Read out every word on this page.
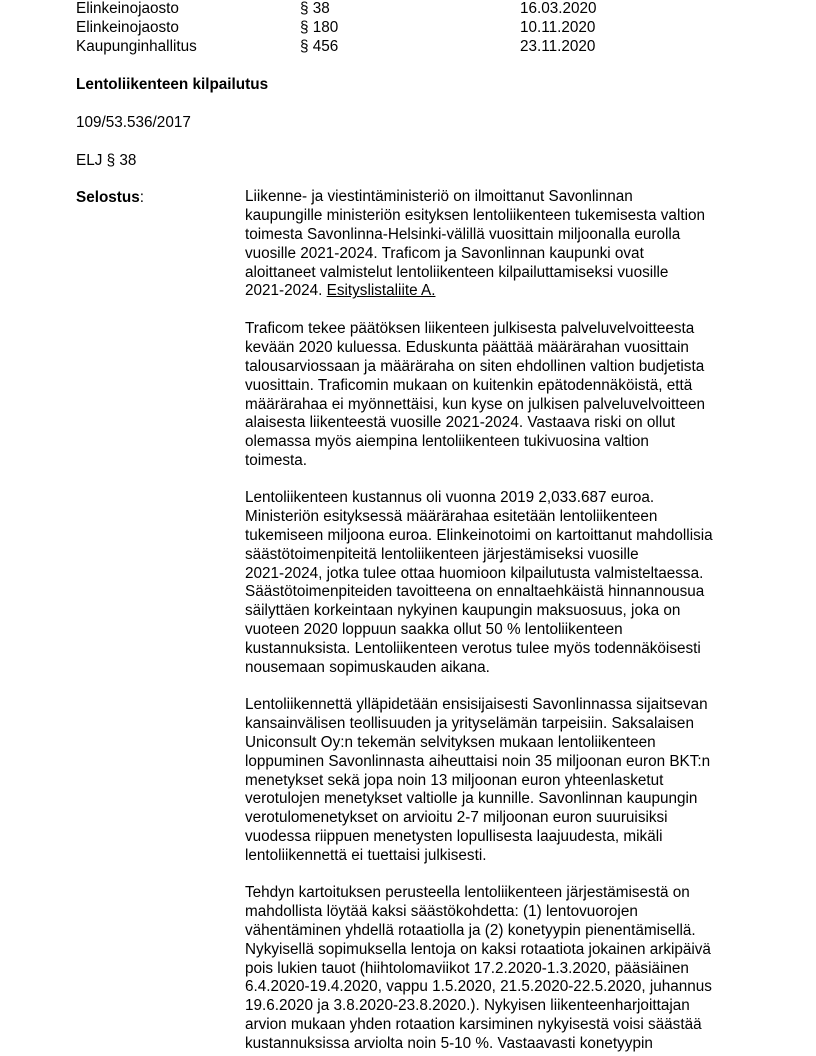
Elinkeinojaosto	§ 38	16.03.2020
Elinkeinojaosto	§ 180	10.11.2020
Kaupunginhallitus	§ 456	23.11.2020
Lentoliikenteen kilpailutus
109/53.536/2017
ELJ § 38
Selostus:	Liikenne- ja viestintäministeriö on ilmoittanut Savonlinnan
kaupungille ministeriön esityksen lentoliikenteen tukemisesta valtion
toimesta Savonlinna-Helsinki-välillä vuosittain miljoonalla eurolla
vuosille 2021-2024. Traficom ja Savonlinnan kaupunki ovat
aloittaneet valmistelut lentoliikenteen kilpailuttamiseksi vuosille
2021-2024. Esityslistaliite A.
Traficom tekee päätöksen liikenteen julkisesta palveluvelvoitteesta
kevään 2020 kuluessa. Eduskunta päättää määrärahan vuosittain
talousarviossaan ja määräraha on siten ehdollinen valtion budjetista
vuosittain. Traficomin mukaan on kuitenkin epätodennäköistä, että
määrärahaa ei myönnettäisi, kun kyse on julkisen palveluvelvoitteen
alaisesta liikenteestä vuosille 2021-2024. Vastaava riski on ollut
olemassa myös aiempina lentoliikenteen tukivuosina valtion
toimesta.
Lentoliikenteen kustannus oli vuonna 2019 2,033.687 euroa.
Ministeriön esityksessä määrärahaa esitetään lentoliikenteen
tukemiseen miljoona euroa. Elinkeinotoimi on kartoittanut mahdollisia
säästötoimenpiteitä lentoliikenteen järjestämiseksi vuosille
2021-2024, jotka tulee ottaa huomioon kilpailutusta valmisteltaessa.
Säästötoimenpiteiden tavoitteena on ennaltaehkäistä hinnannousua
säilyttäen korkeintaan nykyinen kaupungin maksuosuus, joka on
vuoteen 2020 loppuun saakka ollut 50 % lentoliikenteen
kustannuksista. Lentoliikenteen verotus tulee myös todennäköisesti
nousemaan sopimuskauden aikana.
Lentoliikennettä ylläpidetään ensisijaisesti Savonlinnassa sijaitsevan
kansainvälisen teollisuuden ja yrityselämän tarpeisiin. Saksalaisen
Uniconsult Oy:n tekemän selvityksen mukaan lentoliikenteen
loppuminen Savonlinnasta aiheuttaisi noin 35 miljoonan euron BKT:n
menetykset sekä jopa noin 13 miljoonan euron yhteenlasketut
verotulojen menetykset valtiolle ja kunnille. Savonlinnan kaupungin
verotulomenetykset on arvioitu 2-7 miljoonan euron suuruisiksi
vuodessa riippuen menetysten lopullisesta laajuudesta, mikäli
lentoliikennettä ei tuettaisi julkisesti.
Tehdyn kartoituksen perusteella lentoliikenteen järjestämisestä on
mahdollista löytää kaksi säästökohdetta: (1) lentovuorojen
vähentäminen yhdellä rotaatiolla ja (2) konetyypin pienentämisellä.
Nykyisellä sopimuksella lentoja on kaksi rotaatiota jokainen arkipäivä
pois lukien tauot (hiihtolomaviikot 17.2.2020-1.3.2020, pääsiäinen
6.4.2020-19.4.2020, vappu 1.5.2020, 21.5.2020-22.5.2020, juhannus
19.6.2020 ja 3.8.2020-23.8.2020.). Nykyisen liikenteenharjoittajan
arvion mukaan yhden rotaation karsiminen nykyisestä voisi säästää
kustannuksissa arviolta noin 5-10 %. Vastaavasti konetyypin
